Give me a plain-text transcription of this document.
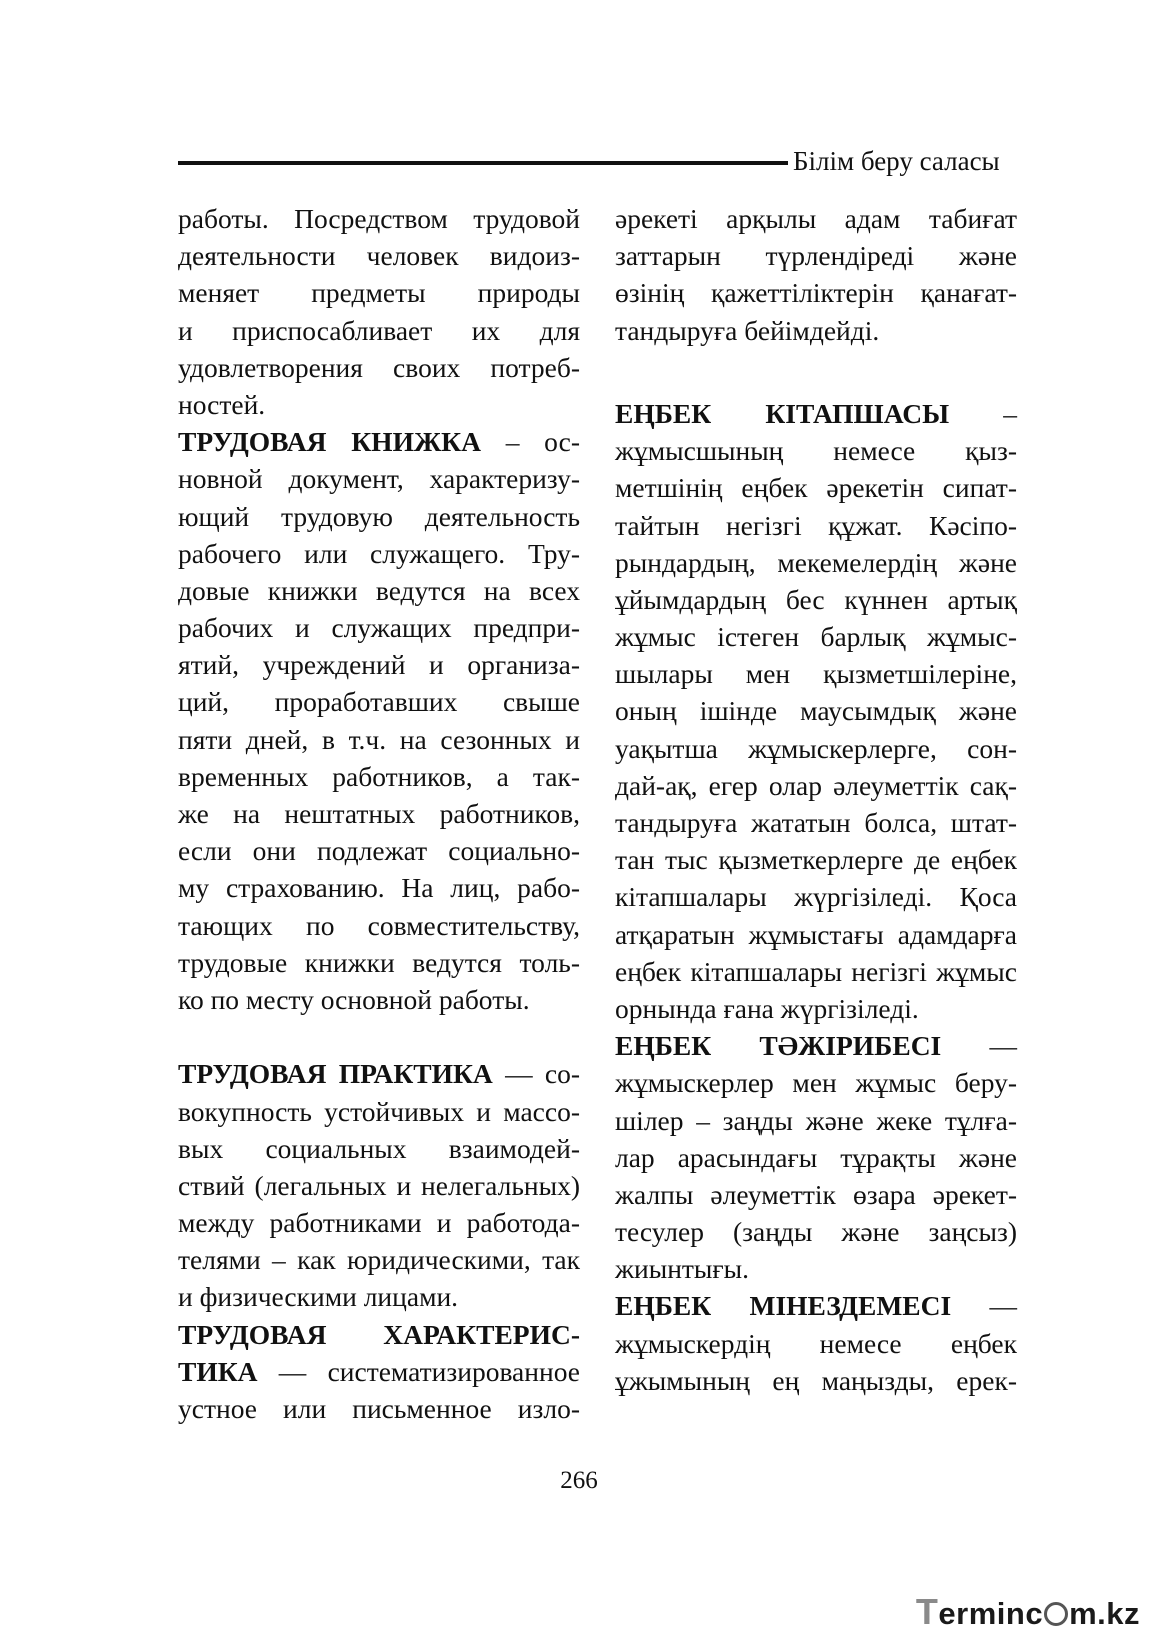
Білім беру саласы
работы. Посредством трудовой
деятельности человек видоиз-
меняет предметы природы
и приспосабливает их для
удовлетворения своих потреб-
ностей.
ТРУДОВАЯ КНИЖКА – ос-
новной документ, характеризу-
ющий трудовую деятельность
рабочего или служащего. Тру-
довые книжки ведутся на всех
рабочих и служащих предпри-
ятий, учреждений и организа-
ций, проработавших свыше
пяти дней, в т.ч. на сезонных и
временных работников, а так-
же на нештатных работников,
если они подлежат социально-
му страхованию. На лиц, рабо-
тающих по совместительству,
трудовые книжки ведутся толь-
ко по месту основной работы.
ТРУДОВАЯ ПРАКТИКА — со-
вокупность устойчивых и массо-
вых социальных взаимодей-
ствий (легальных и нелегальных)
между работниками и работода-
телями – как юридическими, так
и физическими лицами.
ТРУДОВАЯ ХАРАКТЕРИС-
ТИКА — систематизированное
устное или письменное изло-
әрекеті арқылы адам табиғат
заттарын түрлендіреді және
өзінің қажеттіліктерін қанағат-
тандыруға бейімдейді.
ЕҢБЕК КІТАПШАСЫ –
жұмысшының немесе қыз-
метшінің еңбек әрекетін сипат-
тайтын негізгі құжат. Кәсіпо-
рындардың, мекемелердің және
ұйымдардың бес күннен артық
жұмыс істеген барлық жұмыс-
шылары мен қызметшілеріне,
оның ішінде маусымдық және
уақытша жұмыскерлерге, сон-
дай-ақ, егер олар әлеуметтік сақ-
тандыруға жататын болса, штат-
тан тыс қызметкерлерге де еңбек
кітапшалары жүргізіледі. Қоса
атқаратын жұмыстағы адамдарға
еңбек кітапшалары негізгі жұмыс
орнында ғана жүргізіледі.
ЕҢБЕК ТӘЖІРИБЕСІ —
жұмыскерлер мен жұмыс беру-
шілер – заңды және жеке тұлға-
лар арасындағы тұрақты және
жалпы әлеуметтік өзара әрекет-
тесулер (заңды және заңсыз)
жиынтығы.
ЕҢБЕК МІНЕЗДЕМЕСІ —
жұмыскердің немесе еңбек
ұжымының ең маңызды, ерек-
266
Terminc m.kz
